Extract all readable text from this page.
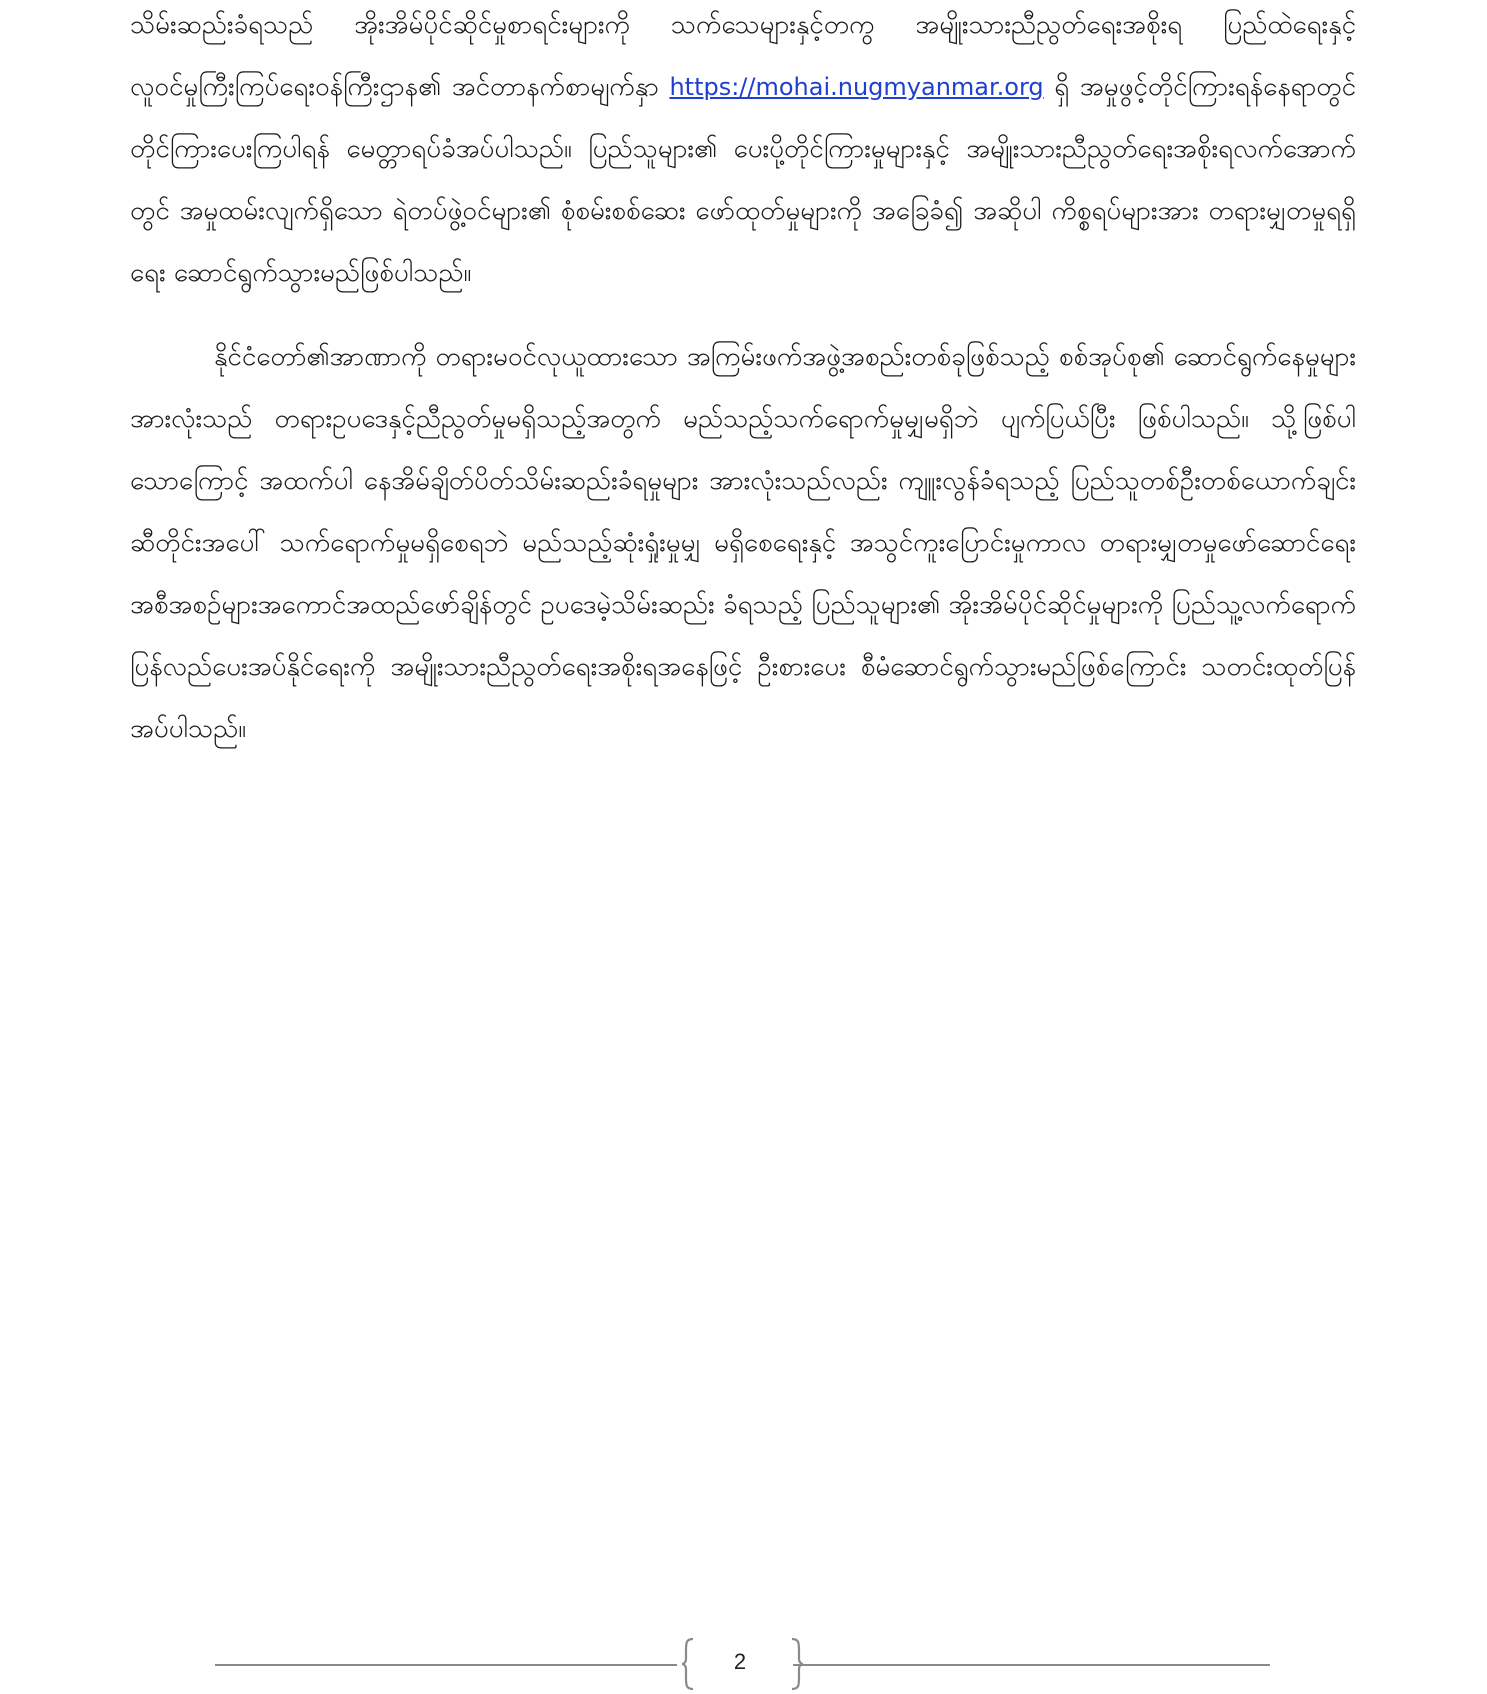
သိမ်းဆည်းခံရသည် အိုးအိမ်ပိုင်ဆိုင်မှုစာရင်းများကို သက်သေများနှင့်တကွ အမျိုးသားညီညွတ်ရေးအစိုးရ ပြည်ထဲရေးနှင့်လူဝင်မှုကြီးကြပ်ရေးဝန်ကြီးဌာန၏ အင်တာနက်စာမျက်နှာ https://mohai.nugmyanmar.org ရှိ အမှုဖွင့်တိုင်ကြားရန်နေရာတွင် တိုင်ကြားပေးကြပါရန် မေတ္တာရပ်ခံအပ်ပါသည်။ ပြည်သူများ၏ ပေးပို့တိုင်ကြားမှုများနှင့် အမျိုးသားညီညွတ်ရေးအစိုးရလက်အောက်တွင် အမှုထမ်းလျက်ရှိသော ရဲတပ်ဖွဲ့ဝင်များ၏ စုံစမ်းစစ်ဆေး ဖော်ထုတ်မှုများကို အခြေခံ၍ အဆိုပါ ကိစ္စရပ်များအား တရားမျှတမှုရရှိရေး ဆောင်ရွက်သွားမည်ဖြစ်ပါသည်။

နိုင်ငံတော်၏အာဏာကို တရားမဝင်လုယူထားသော အကြမ်းဖက်အဖွဲ့အစည်းတစ်ခုဖြစ်သည့် စစ်အုပ်စု၏ ဆောင်ရွက်နေမှုများအားလုံးသည် တရားဥပဒေနှင့်ညီညွတ်မှုမရှိသည့်အတွက် မည်သည့်သက်ရောက်မှုမျှမရှိဘဲ ပျက်ပြယ်ပြီး ဖြစ်ပါသည်။ သို့ဖြစ်ပါသောကြောင့် အထက်ပါ နေအိမ်ချိတ်ပိတ်သိမ်းဆည်းခံရမှုများ အားလုံးသည်လည်း ကျူးလွန်ခံရသည့် ပြည်သူတစ်ဦးတစ်ယောက်ချင်းဆီတိုင်းအပေါ် သက်ရောက်မှုမရှိစေရဘဲ မည်သည့်ဆုံးရှုံးမှုမျှ မရှိစေရေးနှင့် အသွင်ကူးပြောင်းမှုကာလ တရားမျှတမှုဖော်ဆောင်ရေးအစီအစဉ်များအကောင်အထည်ဖော်ချိန်တွင် ဥပဒေမဲ့သိမ်းဆည်း ခံရသည့် ပြည်သူများ၏ အိုးအိမ်ပိုင်ဆိုင်မှုများကို ပြည်သူ့လက်ရောက် ပြန်လည်ပေးအပ်နိုင်ရေးကို အမျိုးသားညီညွတ်ရေးအစိုးရအနေဖြင့် ဦးစားပေး စီမံဆောင်ရွက်သွားမည်ဖြစ်ကြောင်း သတင်းထုတ်ပြန်အပ်ပါသည်။

2
